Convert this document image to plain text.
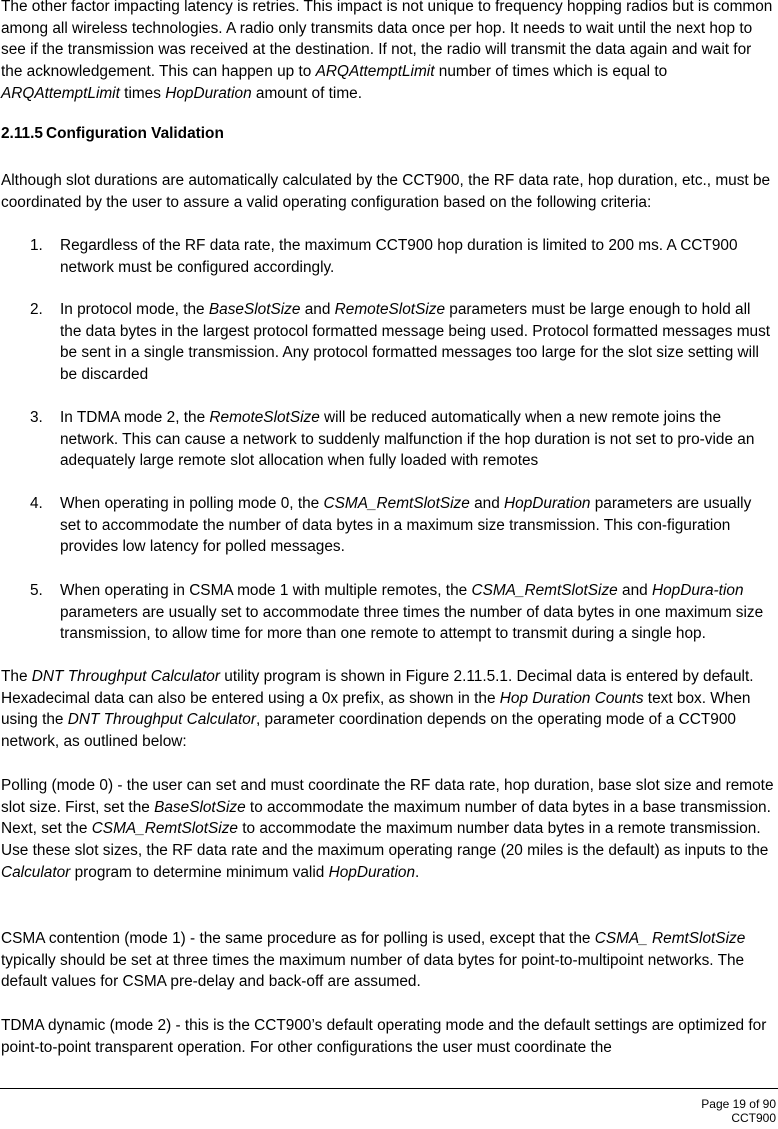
The other factor impacting latency is retries. This impact is not unique to frequency hopping radios but is common among all wireless technologies. A radio only transmits data once per hop. It needs to wait until the next hop to see if the transmission was received at the destination. If not, the radio will transmit the data again and wait for the acknowledgement. This can happen up to ARQAttemptLimit number of times which is equal to ARQAttemptLimit times HopDuration amount of time.

2.11.5 Configuration Validation

Although slot durations are automatically calculated by the CCT900, the RF data rate, hop duration, etc., must be coordinated by the user to assure a valid operating configuration based on the following criteria:

1. Regardless of the RF data rate, the maximum CCT900 hop duration is limited to 200 ms. A CCT900 network must be configured accordingly.
2. In protocol mode, the BaseSlotSize and RemoteSlotSize parameters must be large enough to hold all the data bytes in the largest protocol formatted message being used. Protocol formatted messages must be sent in a single transmission. Any protocol formatted messages too large for the slot size setting will be discarded
3. In TDMA mode 2, the RemoteSlotSize will be reduced automatically when a new remote joins the network. This can cause a network to suddenly malfunction if the hop duration is not set to pro-vide an adequately large remote slot allocation when fully loaded with remotes
4. When operating in polling mode 0, the CSMA_RemtSlotSize and HopDuration parameters are usually set to accommodate the number of data bytes in a maximum size transmission. This con-figuration provides low latency for polled messages.
5. When operating in CSMA mode 1 with multiple remotes, the CSMA_RemtSlotSize and HopDura-tion parameters are usually set to accommodate three times the number of data bytes in one maximum size transmission, to allow time for more than one remote to attempt to transmit during a single hop.

The DNT Throughput Calculator utility program is shown in Figure 2.11.5.1. Decimal data is entered by default. Hexadecimal data can also be entered using a 0x prefix, as shown in the Hop Duration Counts text box. When using the DNT Throughput Calculator, parameter coordination depends on the operating mode of a CCT900 network, as outlined below:

Polling (mode 0) - the user can set and must coordinate the RF data rate, hop duration, base slot size and remote slot size. First, set the BaseSlotSize to accommodate the maximum number of data bytes in a base transmission. Next, set the CSMA_RemtSlotSize to accommodate the maximum number data bytes in a remote transmission. Use these slot sizes, the RF data rate and the maximum operating range (20 miles is the default) as inputs to the Calculator program to determine minimum valid HopDuration.

CSMA contention (mode 1) - the same procedure as for polling is used, except that the CSMA_ RemtSlotSize typically should be set at three times the maximum number of data bytes for point-to-multipoint networks. The default values for CSMA pre-delay and back-off are assumed.

TDMA dynamic (mode 2) - this is the CCT900’s default operating mode and the default settings are optimized for point-to-point transparent operation. For other configurations the user must coordinate the

Page 19 of 90
CCT900
